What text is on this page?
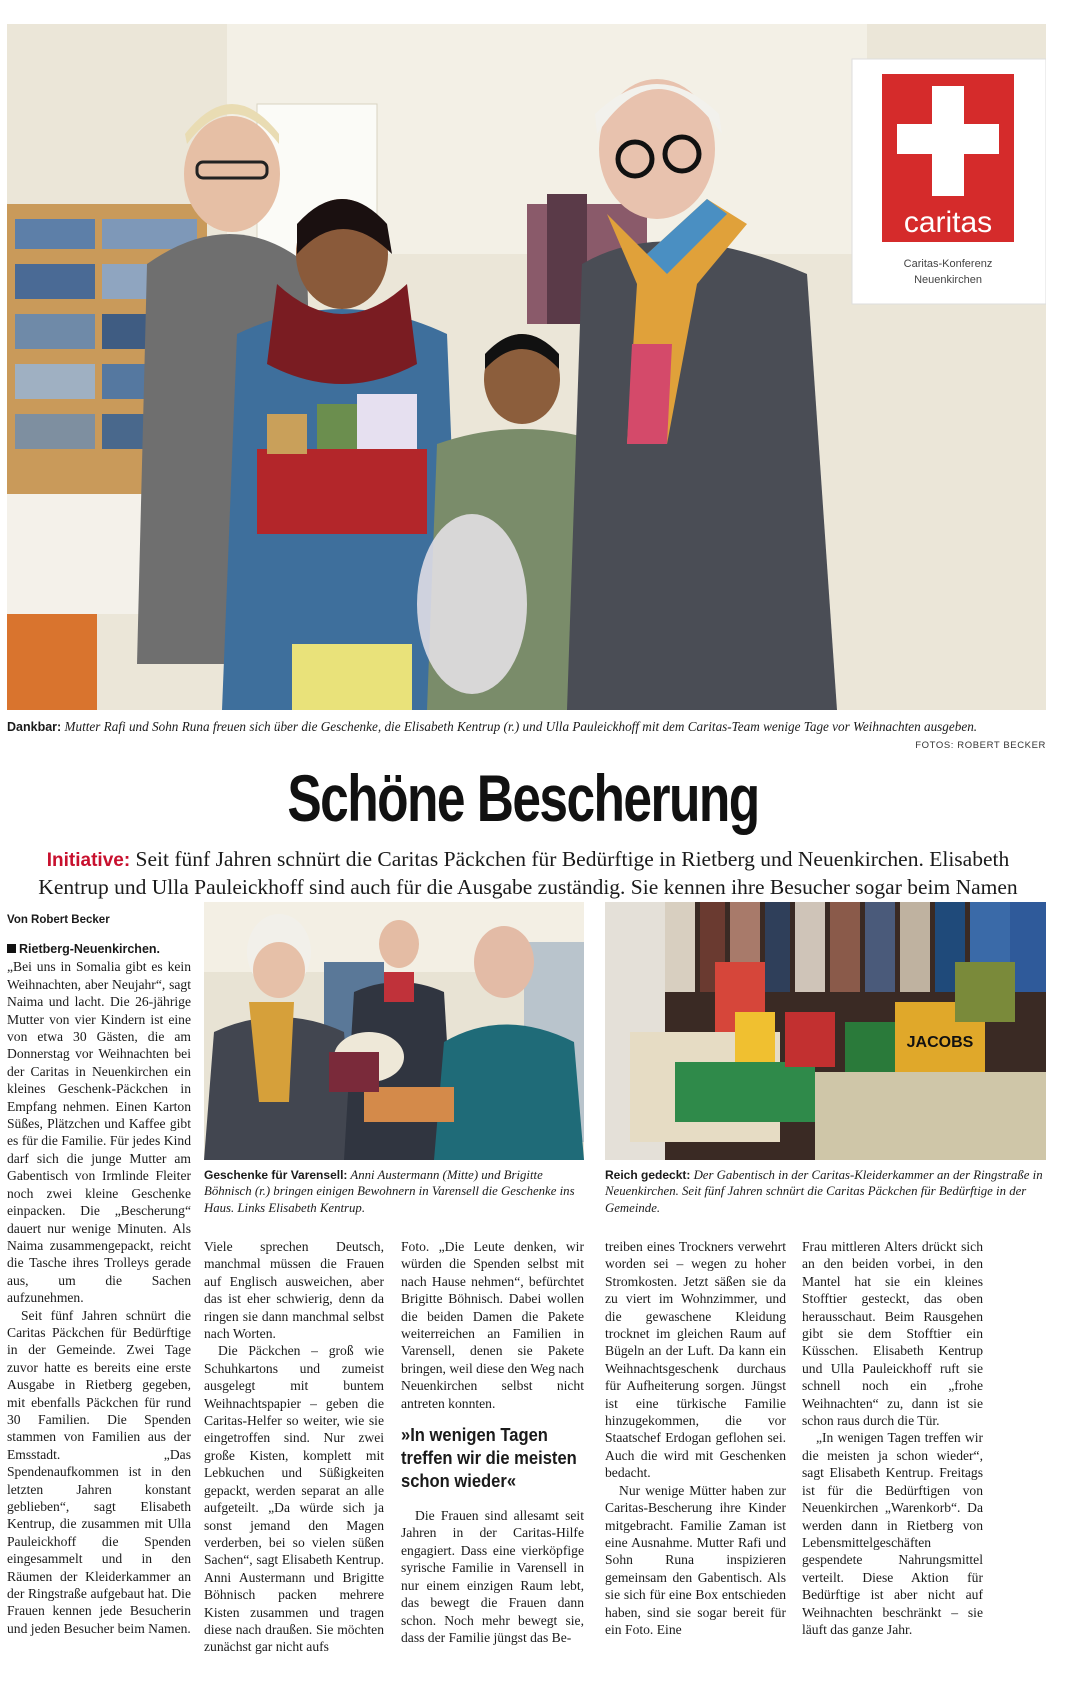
caritas
Caritas-Konferenz
Neuenkirchen
Dankbar: Mutter Rafi und Sohn Runa freuen sich über die Geschenke, die Elisabeth Kentrup (r.) und Ulla Pauleickhoff mit dem Caritas-Team wenige Tage vor Weihnachten ausgeben.
FOTOS: ROBERT BECKER
Schöne Bescherung
Initiative: Seit fünf Jahren schnürt die Caritas Päckchen für Bedürftige in Rietberg und Neuenkirchen. Elisabeth Kentrup und Ulla Pauleickhoff sind auch für die Ausgabe zuständig. Sie kennen ihre Besucher sogar beim Namen
Von Robert Becker

Rietberg-Neuenkirchen.
„Bei uns in Somalia gibt es kein Weihnachten, aber Neujahr“, sagt Naima und lacht. Die 26-jährige Mutter von vier Kindern ist eine von etwa 30 Gästen, die am Donnerstag vor Weihnachten bei der Caritas in Neuenkirchen ein kleines Geschenk-Päckchen in Empfang nehmen. Einen Karton Süßes, Plätzchen und Kaffee gibt es für die Familie. Für jedes Kind darf sich die junge Mutter am Gabentisch von Irmlinde Fleiter noch zwei kleine Geschenke einpacken. Die „Bescherung“ dauert nur wenige Minuten. Als Naima zusammengepackt, reicht die Tasche ihres Trolleys gerade aus, um die Sachen aufzunehmen.

Seit fünf Jahren schnürt die Caritas Päckchen für Bedürftige in der Gemeinde. Zwei Tage zuvor hatte es bereits eine erste Ausgabe in Rietberg gegeben, mit ebenfalls Päckchen für rund 30 Familien. Die Spenden stammen von Familien aus der Emsstadt. „Das Spendenaufkommen ist in den letzten Jahren konstant geblieben“, sagt Elisabeth Kentrup, die zusammen mit Ulla Pauleickhoff die Spenden eingesammelt und in den Räumen der Kleiderkammer an der Ringstraße aufgebaut hat. Die Frauen kennen jede Besucherin und jeden Besucher beim Namen.

Geschenke für Varensell: Anni Austermann (Mitte) und Brigitte Böhnisch (r.) bringen einigen Bewohnern in Varensell die Geschenke ins Haus. Links Elisabeth Kentrup.
JACOBS
Reich gedeckt: Der Gabentisch in der Caritas-Kleiderkammer an der Ringstraße in Neuenkirchen. Seit fünf Jahren schnürt die Caritas Päckchen für Bedürftige in der Gemeinde.

Viele sprechen Deutsch, manchmal müssen die Frauen auf Englisch ausweichen, aber das ist eher schwierig, denn da ringen sie dann manchmal selbst nach Worten.

Die Päckchen – groß wie Schuhkartons und zumeist ausgelegt mit buntem Weihnachtspapier – geben die Caritas-Helfer so weiter, wie sie eingetroffen sind. Nur zwei große Kisten, komplett mit Lebkuchen und Süßigkeiten gepackt, werden separat an alle aufgeteilt. „Da würde sich ja sonst jemand den Magen verderben, bei so vielen süßen Sachen“, sagt Elisabeth Kentrup. Anni Austermann und Brigitte Böhnisch packen mehrere Kisten zusammen und tragen diese nach draußen. Sie möchten zunächst gar nicht aufs

Foto. „Die Leute denken, wir würden die Spenden selbst mit nach Hause nehmen“, befürchtet Brigitte Böhnisch. Dabei wollen die beiden Damen die Pakete weiterreichen an Familien in Varensell, denen sie Pakete bringen, weil diese den Weg nach Neuenkirchen selbst nicht antreten konnten.

»In wenigen Tagen treffen wir die meisten schon wieder«

Die Frauen sind allesamt seit Jahren in der Caritas-Hilfe engagiert. Dass eine vierköpfige syrische Familie in Varensell in nur einem einzigen Raum lebt, das bewegt die Frauen dann schon. Noch mehr bewegt sie, dass der Familie jüngst das Be-

treiben eines Trockners verwehrt worden sei – wegen zu hoher Stromkosten. Jetzt säßen sie da zu viert im Wohnzimmer, und die gewaschene Kleidung trocknet im gleichen Raum auf Bügeln an der Luft. Da kann ein Weihnachtsgeschenk durchaus für Aufheiterung sorgen. Jüngst ist eine türkische Familie hinzugekommen, die vor Staatschef Erdogan geflohen sei. Auch die wird mit Geschenken bedacht.

Nur wenige Mütter haben zur Caritas-Bescherung ihre Kinder mitgebracht. Familie Zaman ist eine Ausnahme. Mutter Rafi und Sohn Runa inspizieren gemeinsam den Gabentisch. Als sie sich für eine Box entschieden haben, sind sie sogar bereit für ein Foto. Eine

Frau mittleren Alters drückt sich an den beiden vorbei, in den Mantel hat sie ein kleines Stofftier gesteckt, das oben herausschaut. Beim Rausgehen gibt sie dem Stofftier ein Küsschen. Elisabeth Kentrup und Ulla Pauleickhoff ruft sie schnell noch ein „frohe Weihnachten“ zu, dann ist sie schon raus durch die Tür.

„In wenigen Tagen treffen wir die meisten ja schon wieder“, sagt Elisabeth Kentrup. Freitags ist für die Bedürftigen von Neuenkirchen „Warenkorb“. Da werden dann in Rietberg von Lebensmittelgeschäften gespendete Nahrungsmittel verteilt. Diese Aktion für Bedürftige ist aber nicht auf Weihnachten beschränkt – sie läuft das ganze Jahr.
